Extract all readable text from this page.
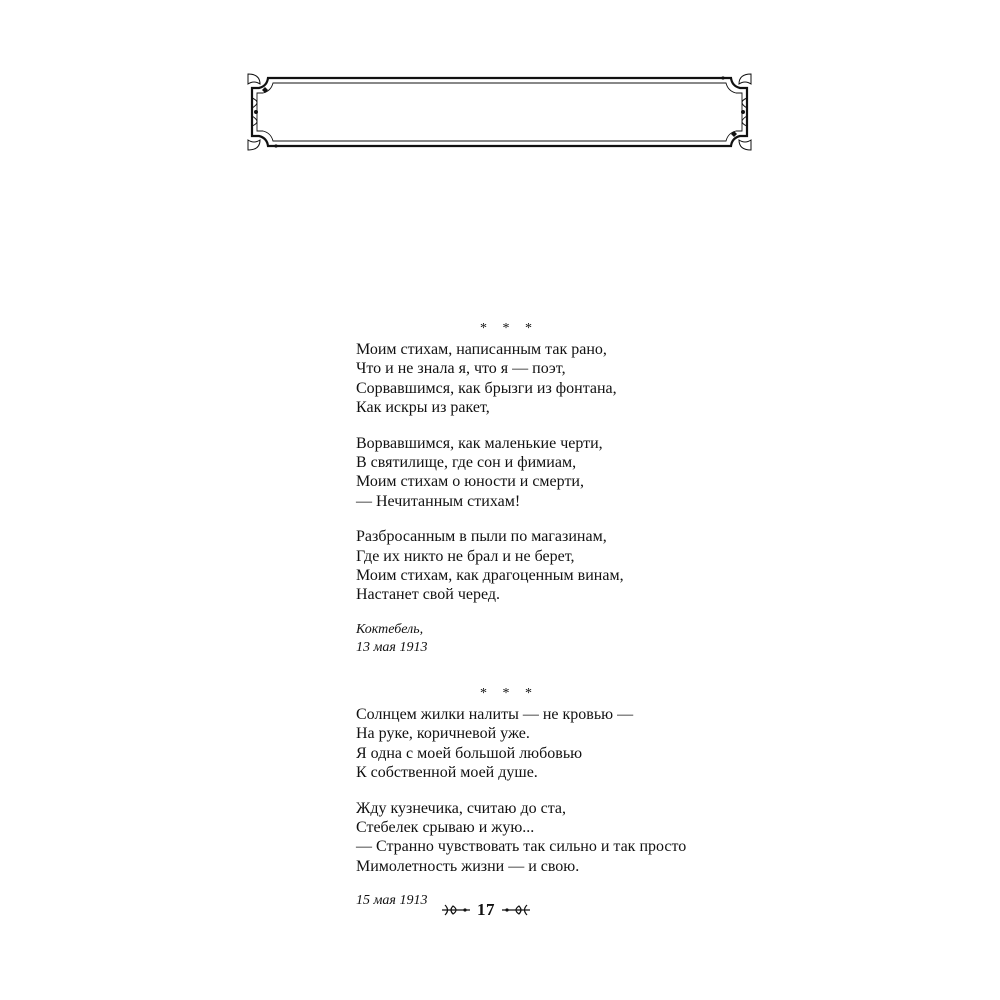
* * *
Моим стихам, написанным так рано,
Что и не знала я, что я — поэт,
Сорвавшимся, как брызги из фонтана,
Как искры из ракет,
Ворвавшимся, как маленькие черти,
В святилище, где сон и фимиам,
Моим стихам о юности и смерти,
— Нечитанным стихам!
Разбросанным в пыли по магазинам,
Где их никто не брал и не берет,
Моим стихам, как драгоценным винам,
Настанет свой черед.
Коктебель,
13 мая 1913
* * *
Солнцем жилки налиты — не кровью —
На руке, коричневой уже.
Я одна с моей большой любовью
К собственной моей душе.
Жду кузнечика, считаю до ста,
Стебелек срываю и жую...
— Странно чувствовать так сильно и так просто
Мимолетность жизни — и свою.
15 мая 1913	17
